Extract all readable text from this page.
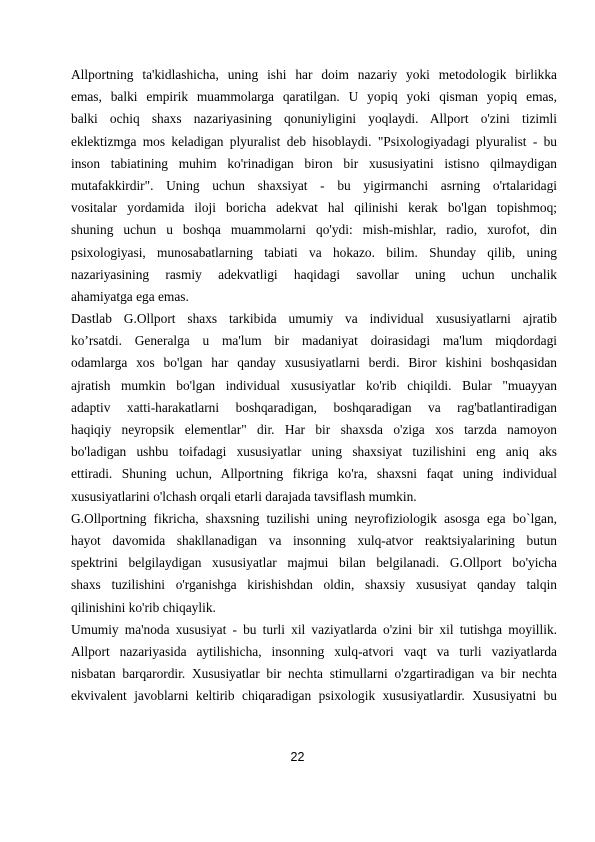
Allportning ta'kidlashicha, uning ishi har doim nazariy yoki metodologik birlikka
emas, balki empirik muammolarga qaratilgan. U yopiq yoki qisman yopiq emas,
balki ochiq shaxs nazariyasining qonuniyligini yoqlaydi. Allport o'zini tizimli
eklektizmga mos keladigan plyuralist deb hisoblaydi. "Psixologiyadagi plyuralist - bu
inson tabiatining muhim ko'rinadigan biron bir xususiyatini istisno qilmaydigan
mutafakkirdir". Uning uchun shaxsiyat - bu yigirmanchi asrning o'rtalaridagi
vositalar yordamida iloji boricha adekvat hal qilinishi kerak bo'lgan topishmoq;
shuning uchun u boshqa muammolarni qo'ydi: mish-mishlar, radio, xurofot, din
psixologiyasi, munosabatlarning tabiati va hokazo. bilim. Shunday qilib, uning
nazariyasining rasmiy adekvatligi haqidagi savollar uning uchun unchalik
ahamiyatga ega emas.
Dastlab G.Ollport shaxs tarkibida umumiy va individual xususiyatlarni ajratib
ko’rsatdi. Generalga u ma'lum bir madaniyat doirasidagi ma'lum miqdordagi
odamlarga xos bo'lgan har qanday xususiyatlarni berdi. Biror kishini boshqasidan
ajratish mumkin bo'lgan individual xususiyatlar ko'rib chiqildi. Bular "muayyan
adaptiv xatti-harakatlarni boshqaradigan, boshqaradigan va rag'batlantiradigan
haqiqiy neyropsik elementlar" dir. Har bir shaxsda o'ziga xos tarzda namoyon
bo'ladigan ushbu toifadagi xususiyatlar uning shaxsiyat tuzilishini eng aniq aks
ettiradi. Shuning uchun, Allportning fikriga ko'ra, shaxsni faqat uning individual
xususiyatlarini o'lchash orqali etarli darajada tavsiflash mumkin.
G.Ollportning fikricha, shaxsning tuzilishi uning neyrofiziologik asosga ega bo`lgan,
hayot davomida shakllanadigan va insonning xulq-atvor reaktsiyalarining butun
spektrini belgilaydigan xususiyatlar majmui bilan belgilanadi. G.Ollport bo'yicha
shaxs tuzilishini o'rganishga kirishishdan oldin, shaxsiy xususiyat qanday talqin
qilinishini ko'rib chiqaylik.
Umumiy ma'noda xususiyat - bu turli xil vaziyatlarda o'zini bir xil tutishga moyillik.
Allport nazariyasida aytilishicha, insonning xulq-atvori vaqt va turli vaziyatlarda
nisbatan barqarordir. Xususiyatlar bir nechta stimullarni o'zgartiradigan va bir nechta
ekvivalent javoblarni keltirib chiqaradigan psixologik xususiyatlardir. Xususiyatni bu
22
